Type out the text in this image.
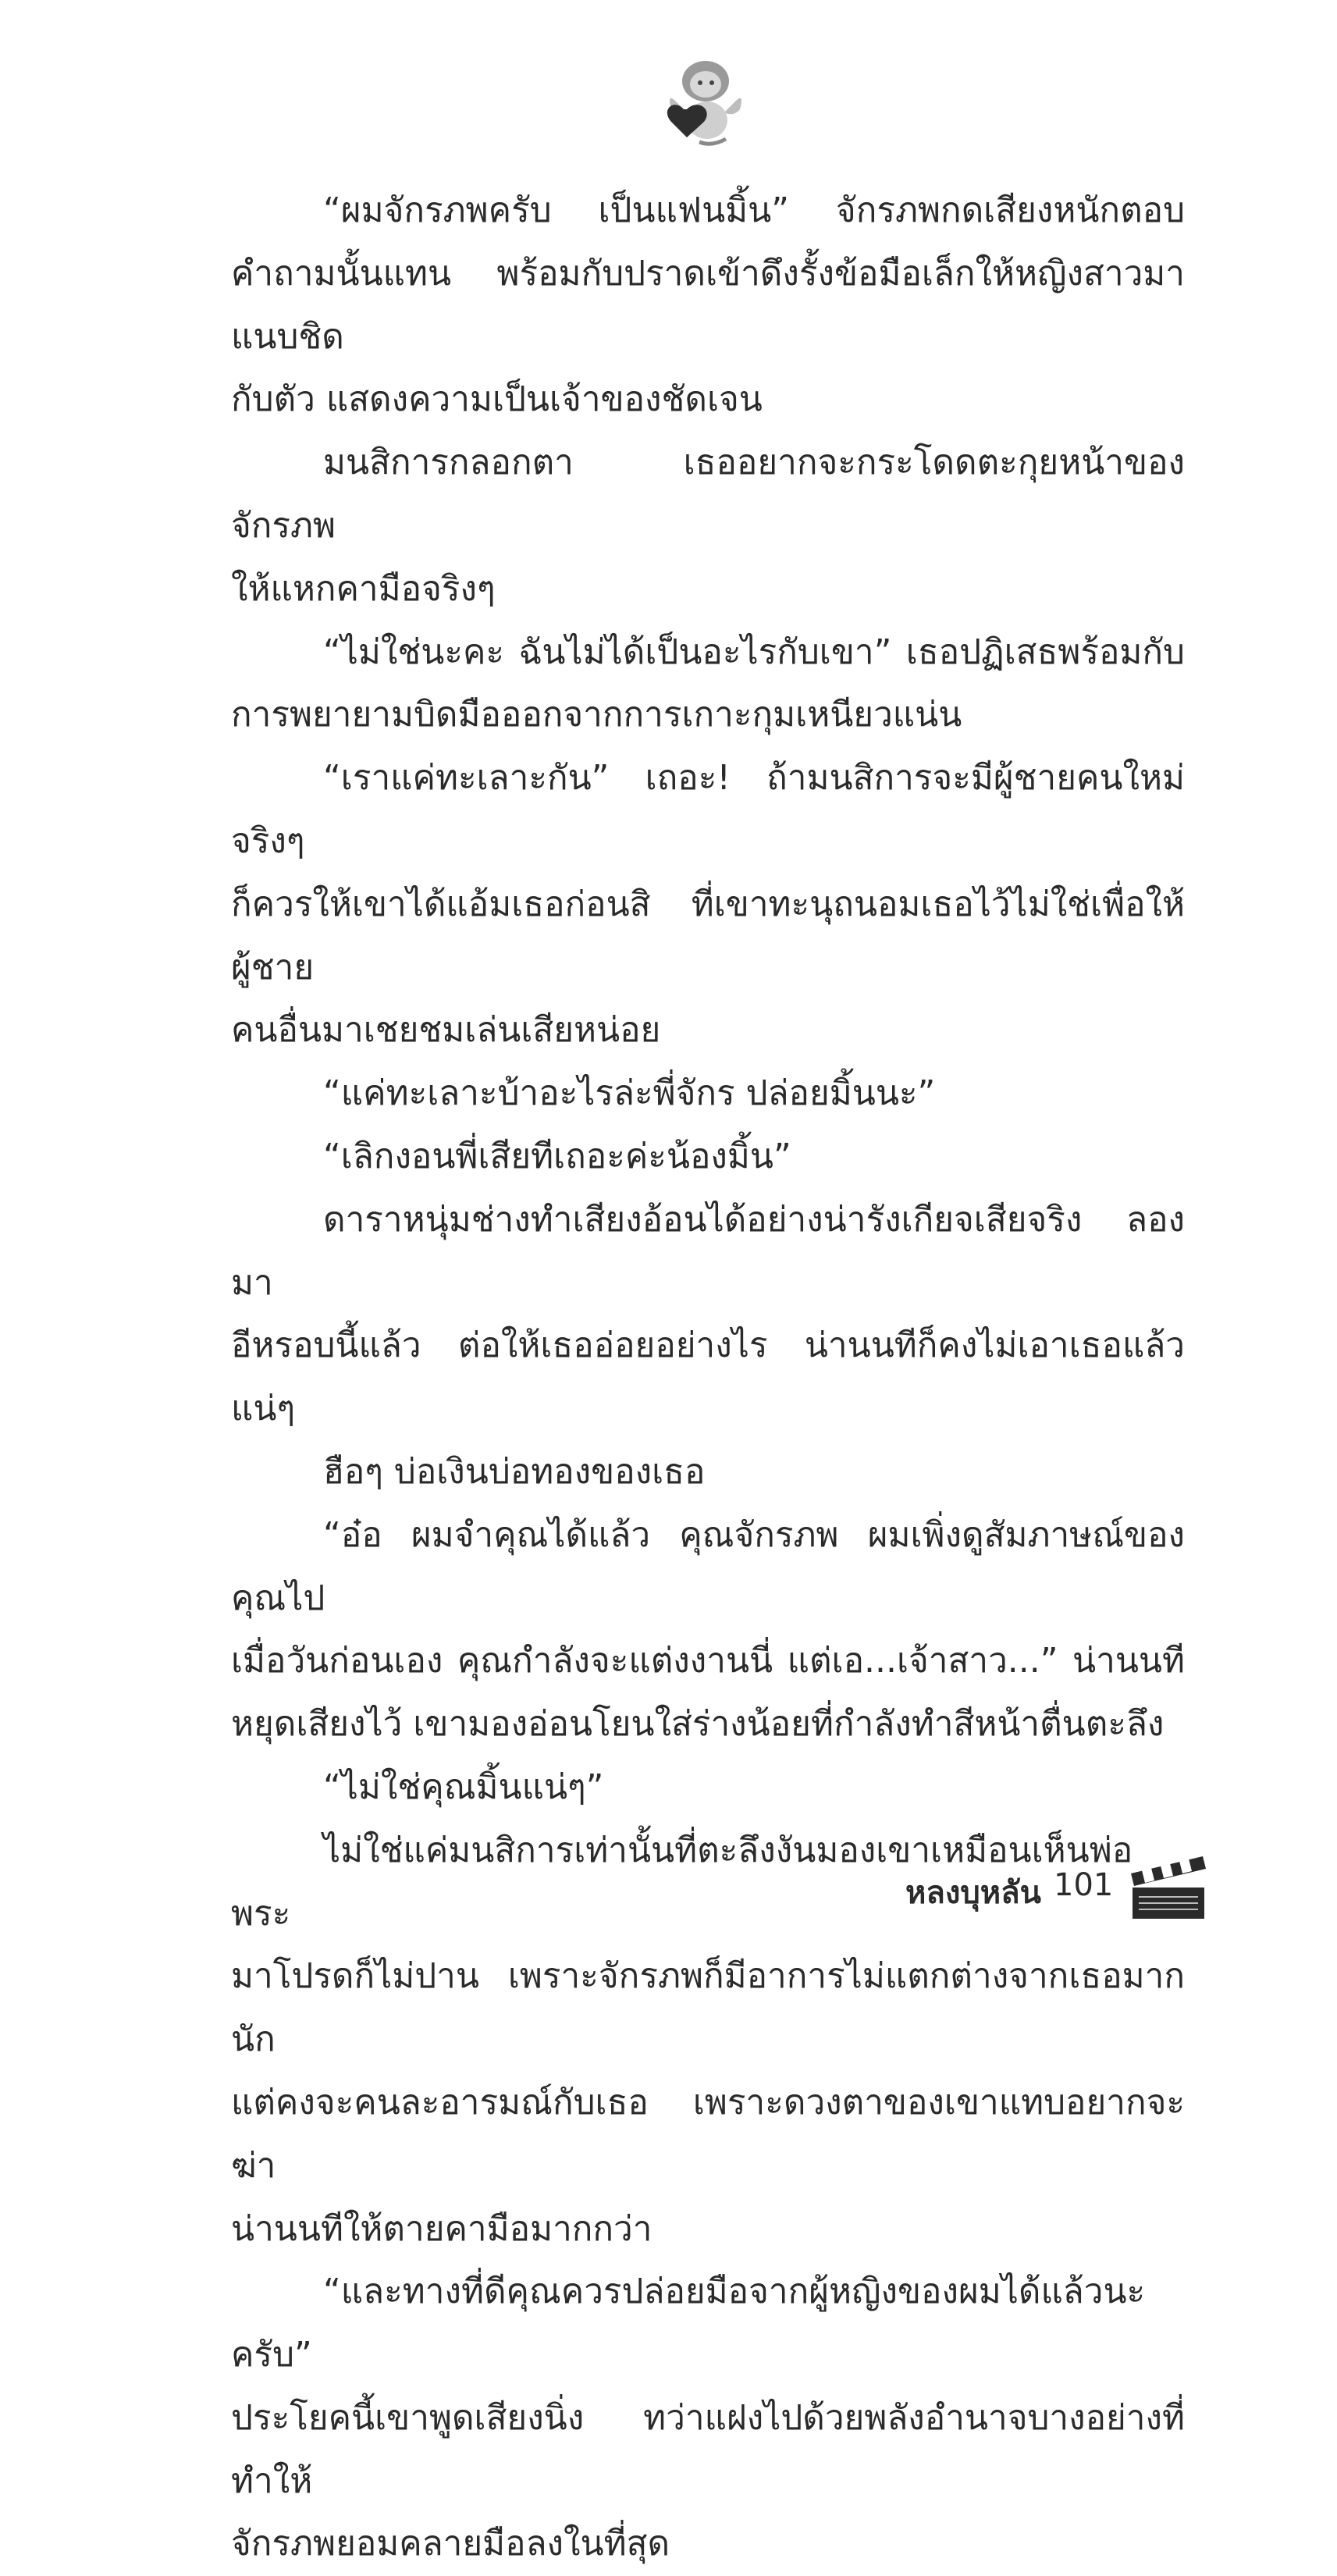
“ผมจักรภพครับ เป็นแฟนมิ้น” จักรภพกดเสียงหนักตอบ

คำถามนั้นแทน พร้อมกับปราดเข้าดึงรั้งข้อมือเล็กให้หญิงสาวมาแนบชิด

กับตัว แสดงความเป็นเจ้าของชัดเจน

มนสิการกลอกตา เธออยากจะกระโดดตะกุยหน้าของจักรภพ

ให้แหกคามือจริงๆ

“ไม่ใช่นะคะ ฉันไม่ได้เป็นอะไรกับเขา” เธอปฏิเสธพร้อมกับ

การพยายามบิดมือออกจากการเกาะกุมเหนียวแน่น

“เราแค่ทะเลาะกัน” เถอะ! ถ้ามนสิการจะมีผู้ชายคนใหม่จริงๆ

ก็ควรให้เขาได้แอ้มเธอก่อนสิ ที่เขาทะนุถนอมเธอไว้ไม่ใช่เพื่อให้ผู้ชาย

คนอื่นมาเชยชมเล่นเสียหน่อย

“แค่ทะเลาะบ้าอะไรล่ะพี่จักร ปล่อยมิ้นนะ”

“เลิกงอนพี่เสียทีเถอะค่ะน้องมิ้น”

ดาราหนุ่มช่างทำเสียงอ้อนได้อย่างน่ารังเกียจเสียจริง ลองมา

อีหรอบนี้แล้ว ต่อให้เธออ่อยอย่างไร น่านนทีก็คงไม่เอาเธอแล้วแน่ๆ

ฮือๆ บ่อเงินบ่อทองของเธอ

“อ๋อ ผมจำคุณได้แล้ว คุณจักรภพ ผมเพิ่งดูสัมภาษณ์ของคุณไป

เมื่อวันก่อนเอง คุณกำลังจะแต่งงานนี่ แต่เอ...เจ้าสาว...” น่านนที

หยุดเสียงไว้ เขามองอ่อนโยนใส่ร่างน้อยที่กำลังทำสีหน้าตื่นตะลึง

“ไม่ใช่คุณมิ้นแน่ๆ”

ไม่ใช่แค่มนสิการเท่านั้นที่ตะลึงงันมองเขาเหมือนเห็นพ่อพระ

มาโปรดก็ไม่ปาน เพราะจักรภพก็มีอาการไม่แตกต่างจากเธอมากนัก

แต่คงจะคนละอารมณ์กับเธอ เพราะดวงตาของเขาแทบอยากจะฆ่า

น่านนทีให้ตายคามือมากกว่า

“และทางที่ดีคุณควรปล่อยมือจากผู้หญิงของผมได้แล้วนะครับ”

ประโยคนี้เขาพูดเสียงนิ่ง ทว่าแฝงไปด้วยพลังอำนาจบางอย่างที่ทำให้

จักรภพยอมคลายมือลงในที่สุด

หลงบุหลัน 101
